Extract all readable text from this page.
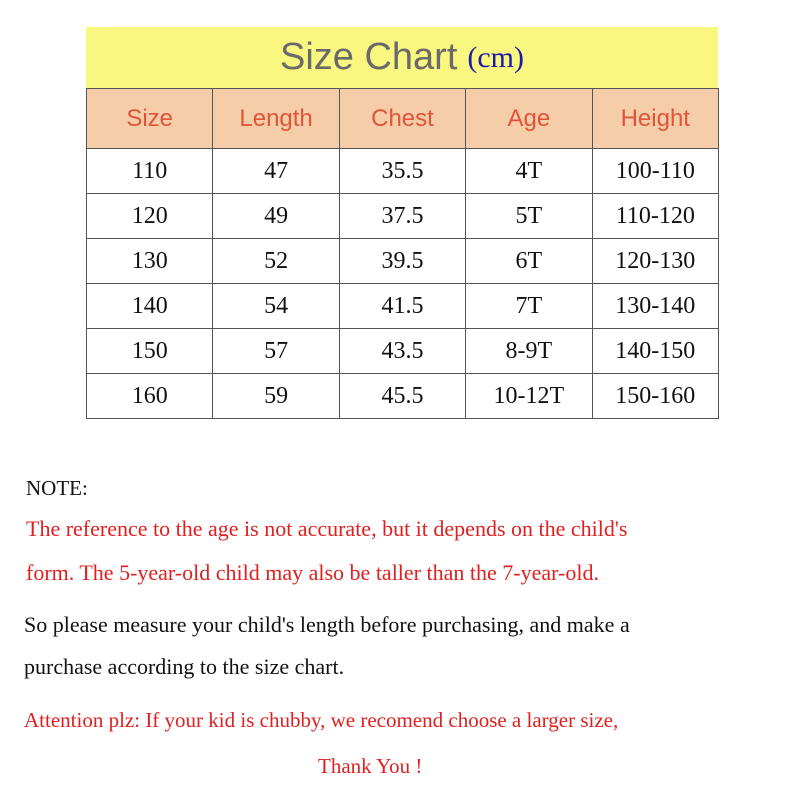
Size Chart (cm)
Size	Length	Chest	Age	Height
110	47	35.5	4T	100-110
120	49	37.5	5T	110-120
130	52	39.5	6T	120-130
140	54	41.5	7T	130-140
150	57	43.5	8-9T	140-150
160	59	45.5	10-12T	150-160
NOTE:
The reference to the age is not accurate, but it depends on the child's
form. The 5-year-old child may also be taller than the 7-year-old.
So please measure your child's length before purchasing, and make a
purchase according to the size chart.
Attention plz: If your kid is chubby, we recomend choose a larger size,
Thank You !
